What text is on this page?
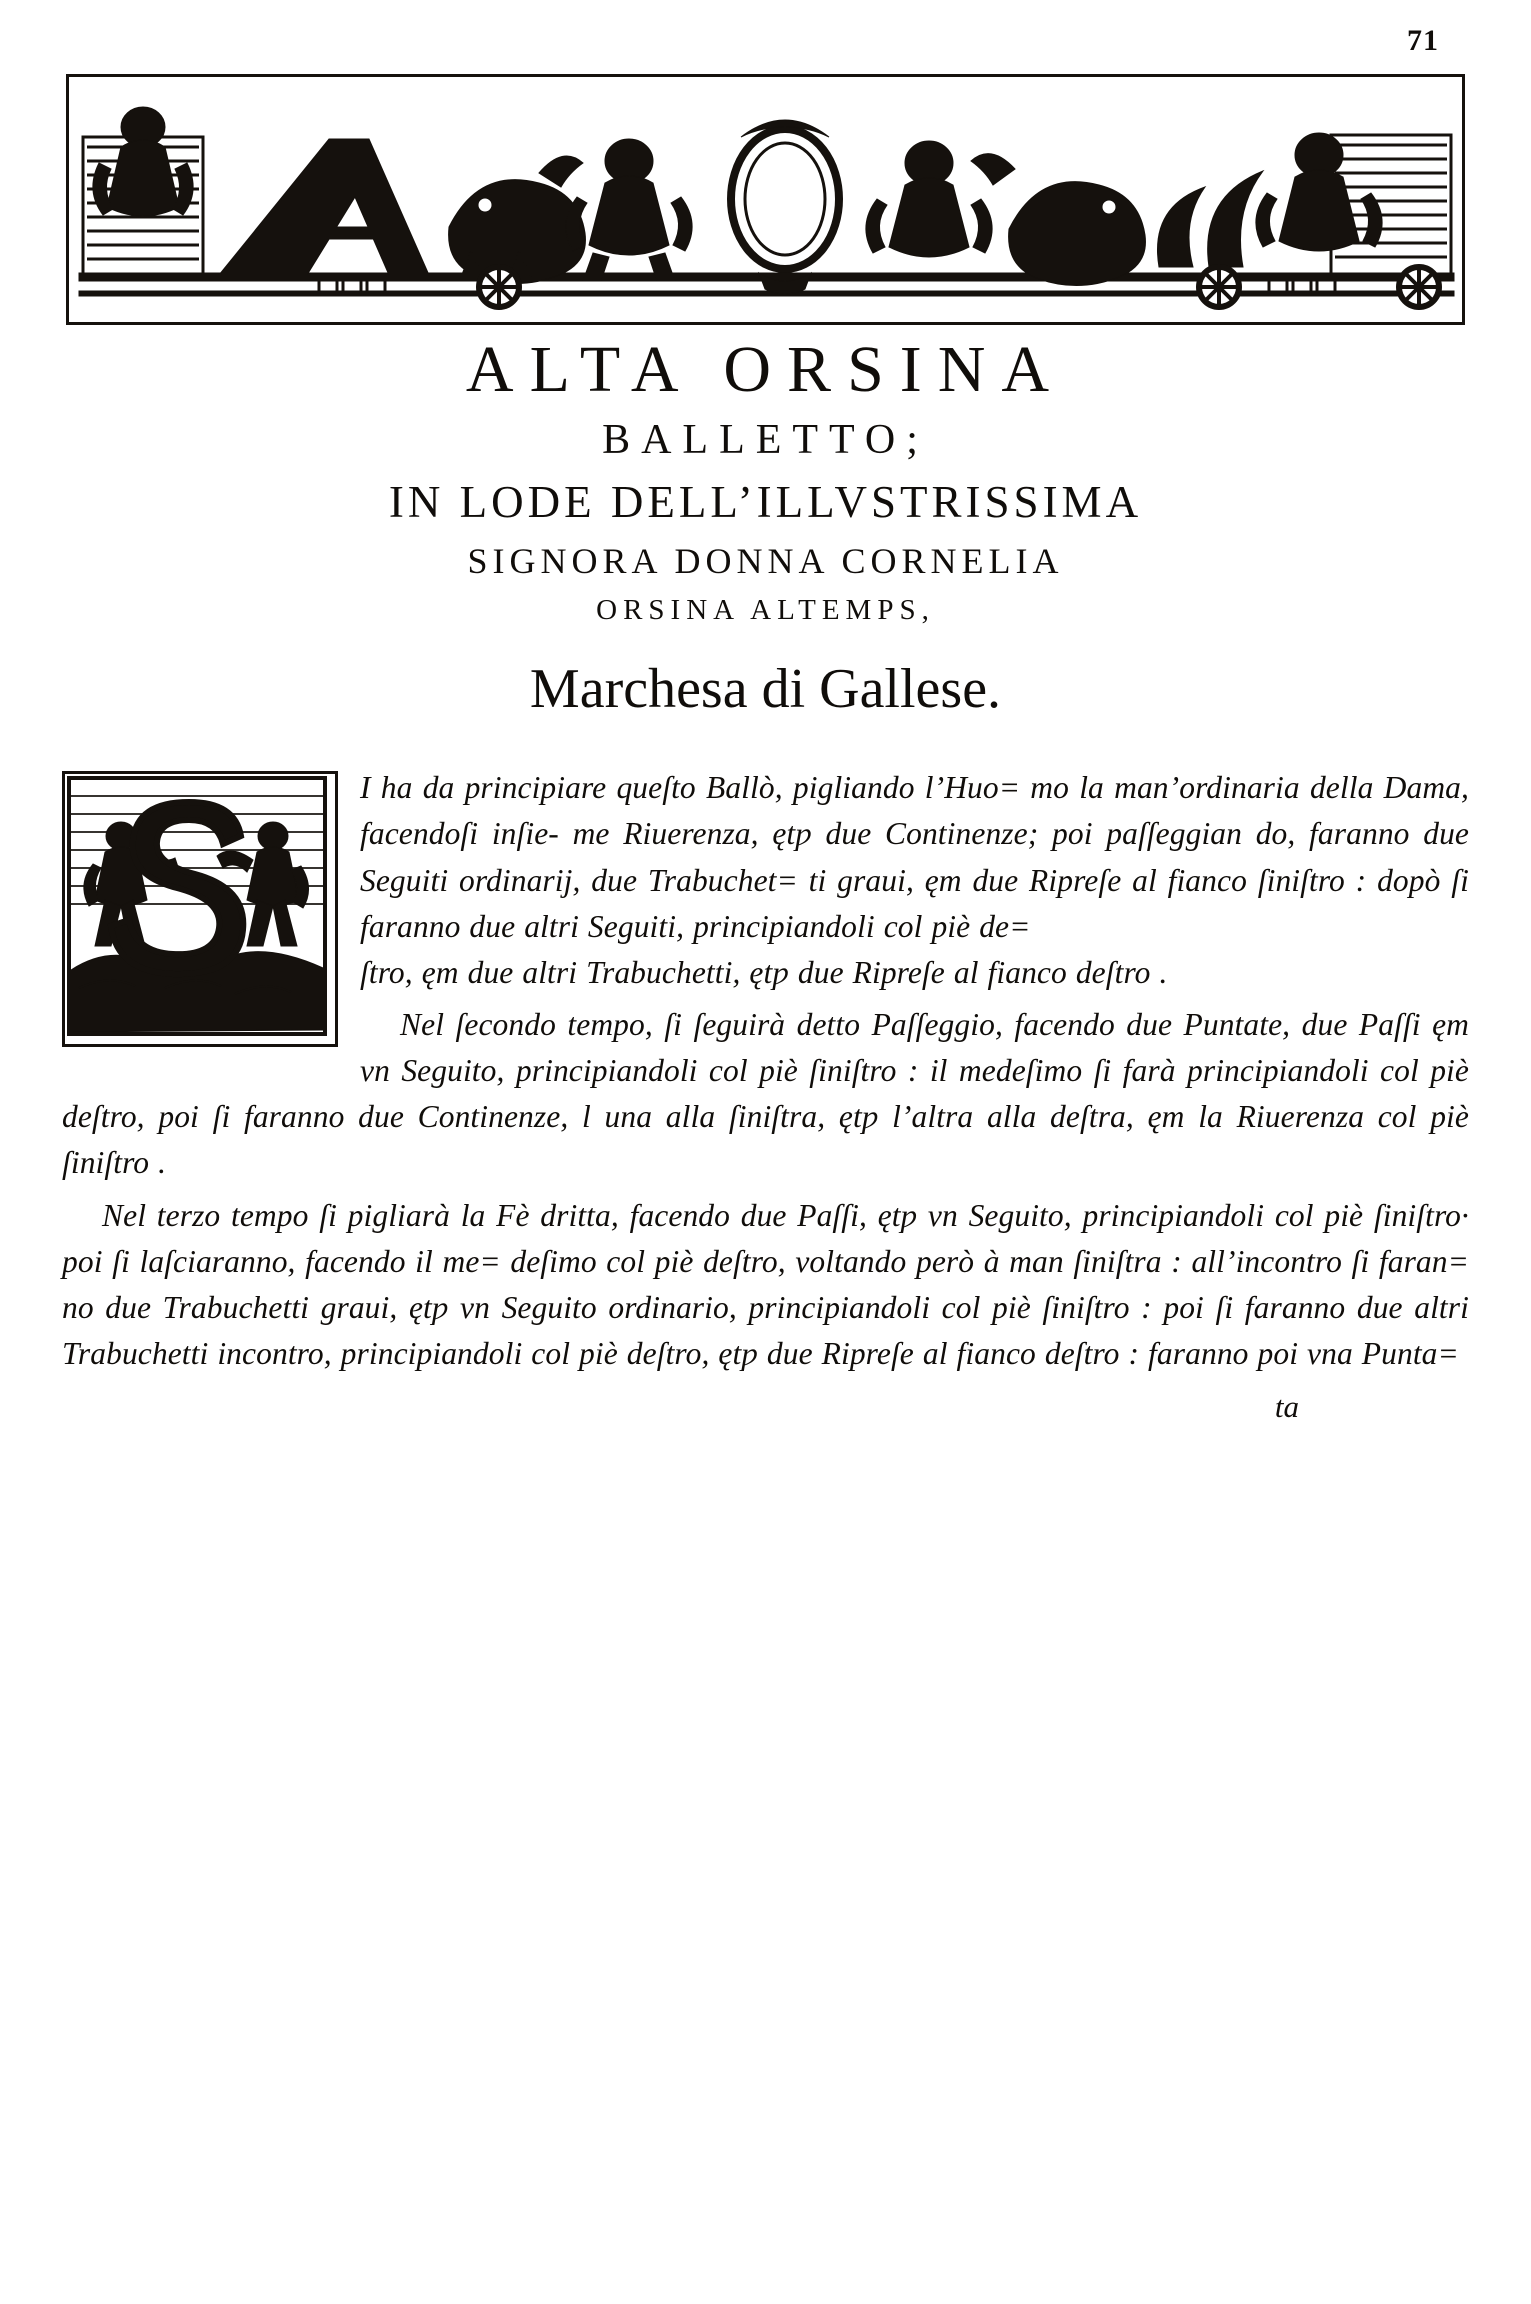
71
ALTA ORSINA
BALLETTO;
IN LODE DELL’ILLVSTRISSIMA
SIGNORA DONNA CORNELIA
ORSINA ALTEMPS,
Marchesa di Gallese.

I ha da principiare queſto Ballò, pigliando l’Huo= mo la man’ordinaria della Dama, facendoſi inſie- me Riuerenza, ętƿ due Continenze; poi paſſeggian do, faranno due Seguiti ordinarij, due Trabuchet= ti graui, ęт due Ripreſe al fianco ſiniſtro : dopò ſi faranno due altri Seguiti, principiandoli col piè de=

ſtro, ęт due altri Trabuchetti, ętƿ due Ripreſe al fianco deſtro .

Nel ſecondo tempo, ſi ſeguirà detto Paſſeggio, facendo due Puntate, due Paſſi ęт vn Seguito, principiandoli col piè ſiniſtro : il medeſimo ſi farà principiandoli col piè deſtro, poi ſi faranno due Continenze, l una alla ſiniſtra, ętƿ l’altra alla deſtra, ęт la Riuerenza col piè ſiniſtro .

Nel terzo tempo ſi pigliarà la Fè dritta, facendo due Paſſi, ętƿ vn Seguito, principiandoli col piè ſiniſtro· poi ſi laſciaranno, facendo il me= deſimo col piè deſtro, voltando però à man ſiniſtra : all’incontro ſi faran= no due Trabuchetti graui, ętƿ vn Seguito ordinario, principiandoli col piè ſiniſtro : poi ſi faranno due altri Trabuchetti incontro, principiandoli col piè deſtro, ętƿ due Ripreſe al fianco deſtro : faranno poi vna Punta=

ta
